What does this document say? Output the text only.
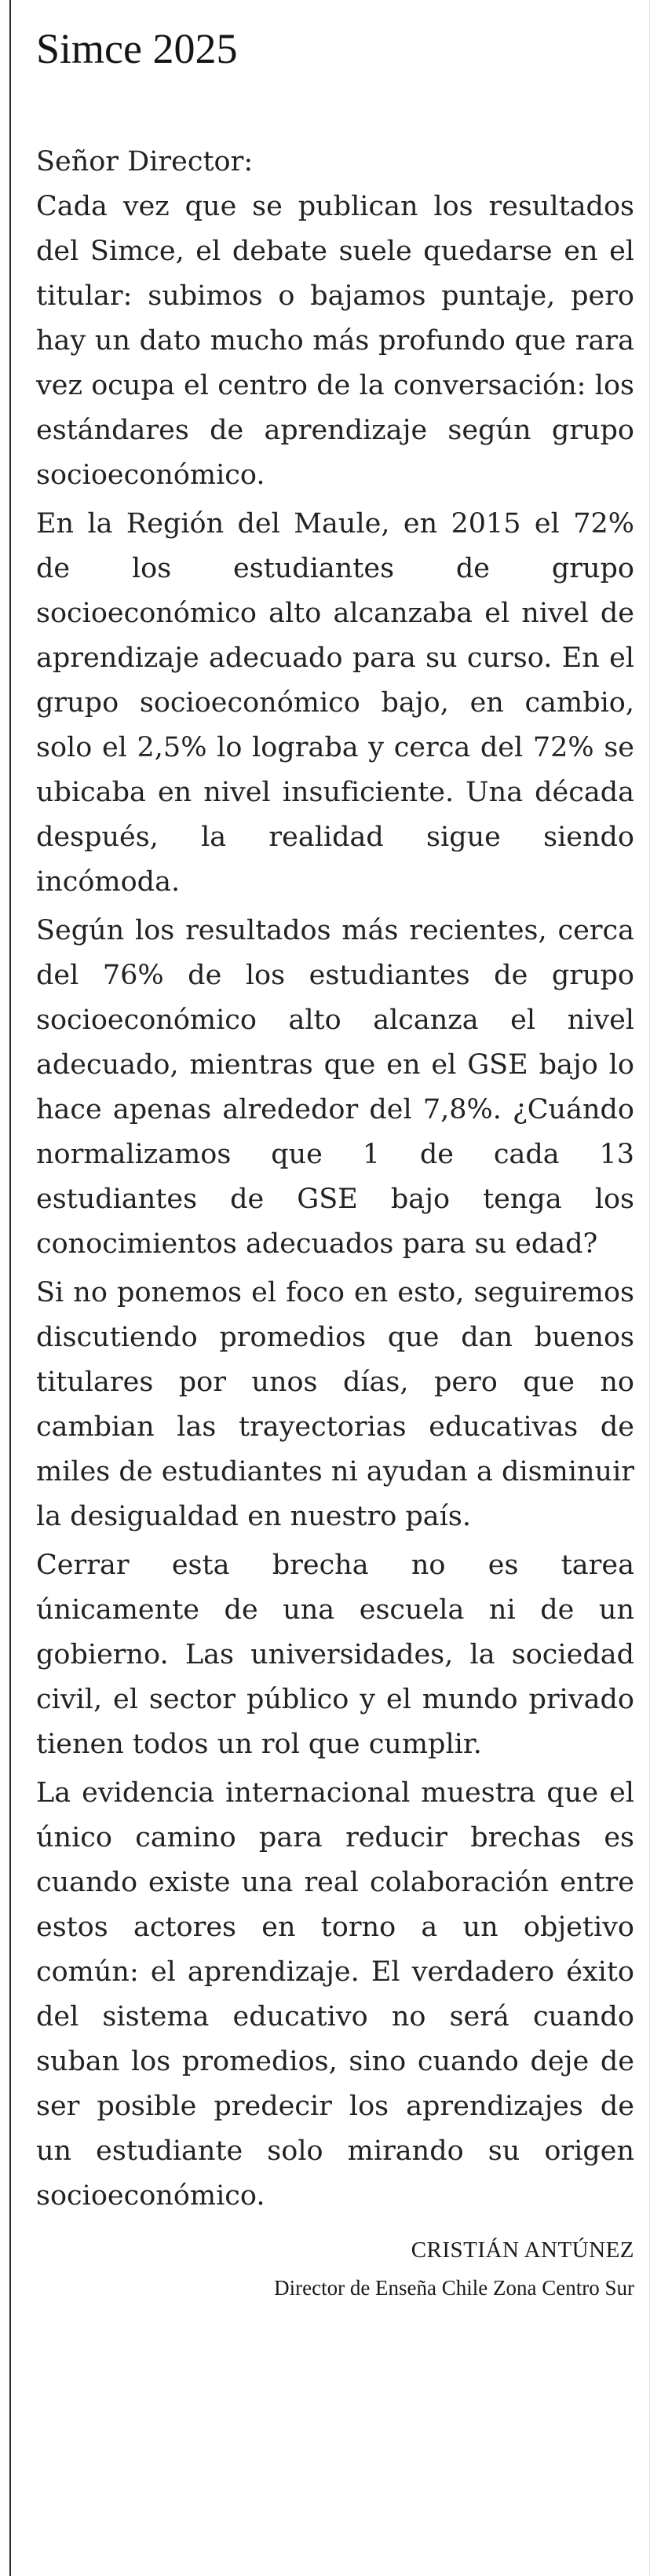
Simce 2025

Señor Director:

Cada vez que se publican los resultados del Simce, el debate suele quedarse en el titular: subimos o bajamos puntaje, pero hay un dato mucho más profundo que rara vez ocupa el centro de la conversación: los estándares de aprendizaje según grupo socioeconómico.

En la Región del Maule, en 2015 el 72% de los estudiantes de grupo socioeconómico alto alcanzaba el nivel de aprendizaje adecuado para su curso. En el grupo socioeconómico bajo, en cambio, solo el 2,5% lo lograba y cerca del 72% se ubicaba en nivel insuficiente. Una década después, la realidad sigue siendo incómoda.

Según los resultados más recientes, cerca del 76% de los estudiantes de grupo socioeconómico alto alcanza el nivel adecuado, mientras que en el GSE bajo lo hace apenas alrededor del 7,8%. ¿Cuándo normalizamos que 1 de cada 13 estudiantes de GSE bajo tenga los conocimientos adecuados para su edad?

Si no ponemos el foco en esto, seguiremos discutiendo promedios que dan buenos titulares por unos días, pero que no cambian las trayectorias educativas de miles de estudiantes ni ayudan a disminuir la desigualdad en nuestro país.

Cerrar esta brecha no es tarea únicamente de una escuela ni de un gobierno. Las universidades, la sociedad civil, el sector público y el mundo privado tienen todos un rol que cumplir.

La evidencia internacional muestra que el único camino para reducir brechas es cuando existe una real colaboración entre estos actores en torno a un objetivo común: el aprendizaje. El verdadero éxito del sistema educativo no será cuando suban los promedios, sino cuando deje de ser posible predecir los aprendizajes de un estudiante solo mirando su origen socioeconómico.

CRISTIÁN ANTÚNEZ
Director de Enseña Chile Zona Centro Sur
